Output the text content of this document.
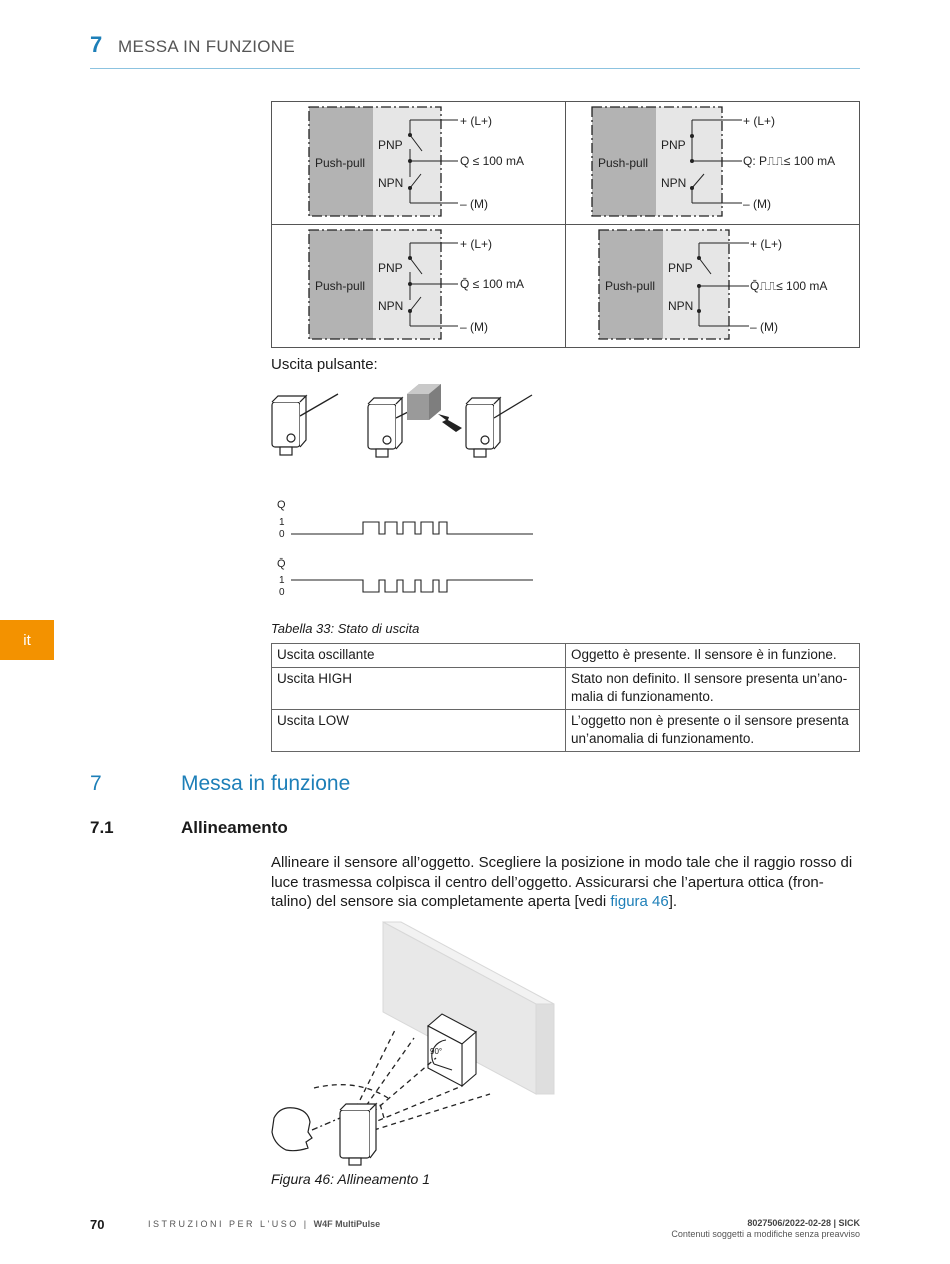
7 MESSA IN FUNZIONE
Push-pull
PNP
NPN
+ (L+)
Q ≤ 100 mA
– (M)
Push-pull
PNP
NPN
+ (L+)
Q: P⎍⎍≤ 100 mA
– (M)
Push-pull
PNP
NPN
+ (L+)
Q̄ ≤ 100 mA
– (M)
Push-pull
PNP
NPN
+ (L+)
Q̄⎍⎍≤ 100 mA
– (M)
Uscita pulsante:
Q
1
0
Q̄
1
0
Tabella 33: Stato di uscita
Uscita oscillante	Oggetto è presente. Il sensore è in funzione.
Uscita HIGH	Stato non definito. Il sensore presenta un’ano-malia di funzionamento.
Uscita LOW	L’oggetto non è presente o il sensore presenta un’anomalia di funzionamento.
7	Messa in funzione
7.1	Allineamento
Allineare il sensore all’oggetto. Scegliere la posizione in modo tale che il raggio rosso di luce trasmessa colpisca il centro dell’oggetto. Assicurarsi che l’apertura ottica (fron-talino) del sensore sia completamente aperta [vedi figura 46].
90°
Figura 46: Allineamento 1
it
70	ISTRUZIONI PER L'USO | W4F MultiPulse	8027506/2022-02-28 | SICK
Contenuti soggetti a modifiche senza preavviso
